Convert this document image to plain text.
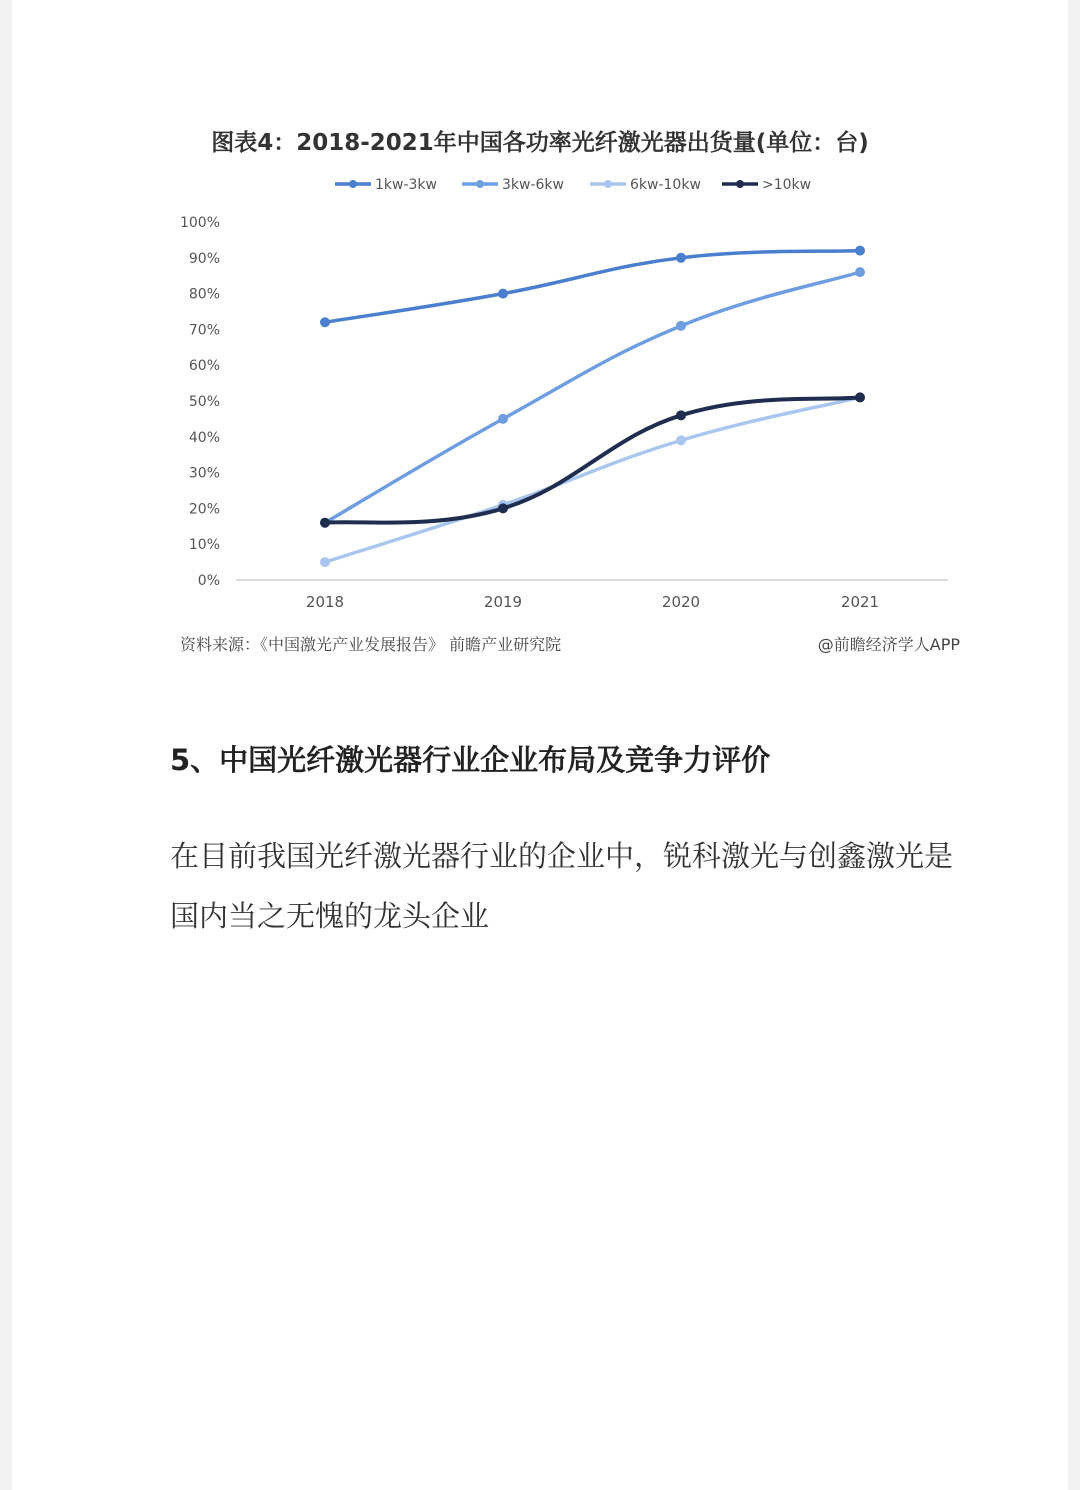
图表4：2018-2021年中国各功率光纤激光器出货量(单位：台)
1kw-3kw	3kw-6kw	6kw-10kw	>10kw
0%
10%
20%
30%
40%
50%
60%
70%
80%
90%
100%
2018	2019	2020	2021

资料来源：《中国激光产业发展报告》 前瞻产业研究院	@前瞻经济学人APP

5、中国光纤激光器行业企业布局及竞争力评价

在目前我国光纤激光器行业的企业中，锐科激光与创鑫激光是国内当之无愧的龙头企业
